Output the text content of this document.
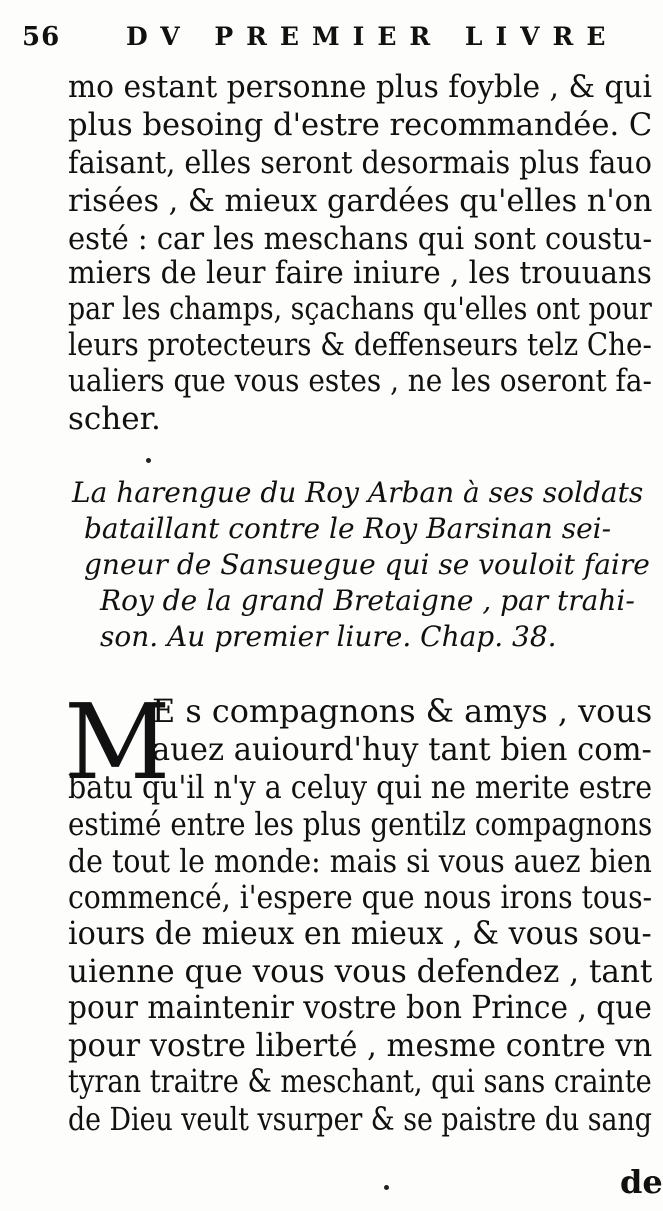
56	DV PREMIER LIVRE
mo estant personne plus foyble , & qui
plus besoing d'estre recommandée. C
faisant, elles seront desormais plus fauo
risées , & mieux gardées qu'elles n'on
esté : car les meschans qui sont coustu-
miers de leur faire iniure , les trouuans
par les champs, sçachans qu'elles ont pour
leurs protecteurs & deffenseurs telz Che-
ualiers que vous estes , ne les oseront fa-
scher.
La harengue du Roy Arban à ses soldats
bataillant contre le Roy Barsinan sei-
gneur de Sansuegue qui se vouloit faire
Roy de la grand Bretaigne , par trahi-
son. Au premier liure. Chap. 38.
M
E s compagnons & amys , vous
auez auiourd'huy tant bien com-
batu qu'il n'y a celuy qui ne merite estre
estimé entre les plus gentilz compagnons
de tout le monde: mais si vous auez bien
commencé, i'espere que nous irons tous-
iours de mieux en mieux , & vous sou-
uienne que vous vous defendez , tant
pour maintenir vostre bon Prince , que
pour vostre liberté , mesme contre vn
tyran traitre & meschant, qui sans crainte
de Dieu veult vsurper & se paistre du sang
de
